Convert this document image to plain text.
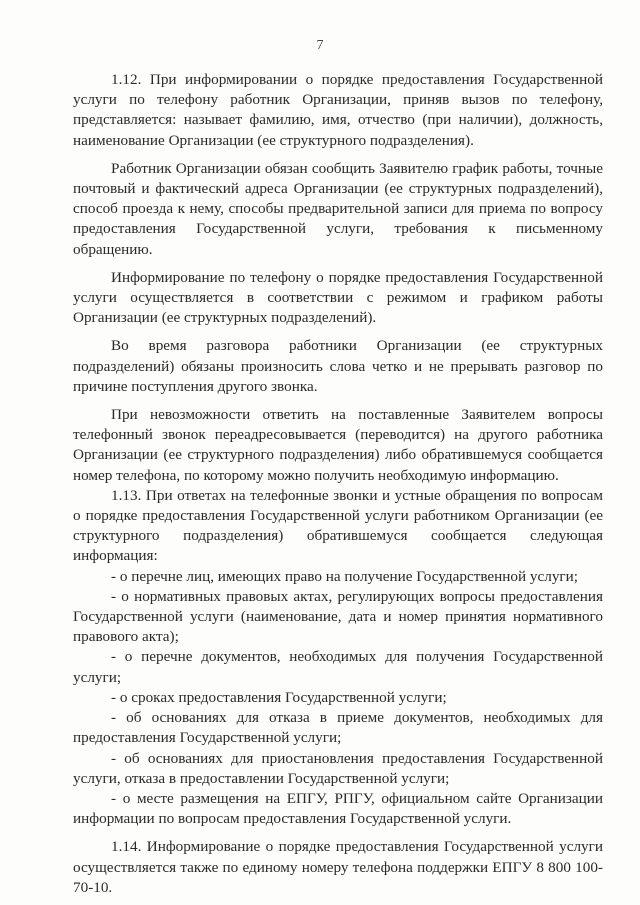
7

1.12. При информировании о порядке предоставления Государственной услуги по телефону работник Организации, приняв вызов по телефону, представляется: называет фамилию, имя, отчество (при наличии), должность, наименование Организации (ее структурного подразделения).

Работник Организации обязан сообщить Заявителю график работы, точные почтовый и фактический адреса Организации (ее структурных подразделений), способ проезда к нему, способы предварительной записи для приема по вопросу предоставления Государственной услуги, требования к письменному обращению.

Информирование по телефону о порядке предоставления Государственной услуги осуществляется в соответствии с режимом и графиком работы Организации (ее структурных подразделений).

Во время разговора работники Организации (ее структурных подразделений) обязаны произносить слова четко и не прерывать разговор по причине поступления другого звонка.

При невозможности ответить на поставленные Заявителем вопросы телефонный звонок переадресовывается (переводится) на другого работника Организации (ее структурного подразделения) либо обратившемуся сообщается номер телефона, по которому можно получить необходимую информацию.

1.13. При ответах на телефонные звонки и устные обращения по вопросам о порядке предоставления Государственной услуги работником Организации (ее структурного подразделения) обратившемуся сообщается следующая информация:

- о перечне лиц, имеющих право на получение Государственной услуги;

- о нормативных правовых актах, регулирующих вопросы предоставления Государственной услуги (наименование, дата и номер принятия нормативного правового акта);

- о перечне документов, необходимых для получения Государственной услуги;

- о сроках предоставления Государственной услуги;

- об основаниях для отказа в приеме документов, необходимых для предоставления Государственной услуги;

- об основаниях для приостановления предоставления Государственной услуги, отказа в предоставлении Государственной услуги;

- о месте размещения на ЕПГУ, РПГУ, официальном сайте Организации информации по вопросам предоставления Государственной услуги.

1.14. Информирование о порядке предоставления Государственной услуги осуществляется также по единому номеру телефона поддержки ЕПГУ 8 800 100-70-10.
